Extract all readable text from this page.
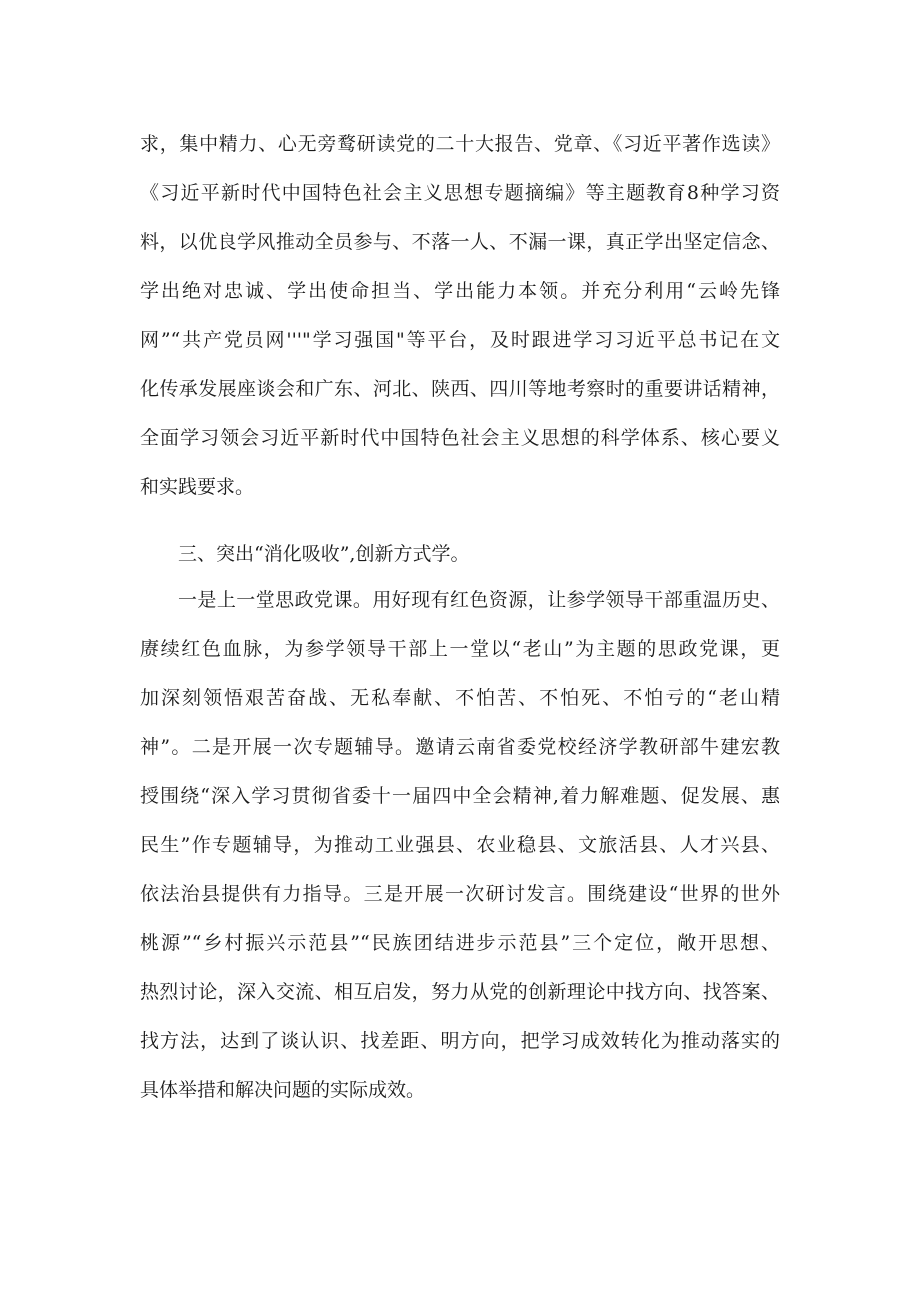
求，集中精力、心无旁鹜研读党的二十大报告、党章、《习近平著作选读》
《习近平新时代中国特色社会主义思想专题摘编》等主题教育8种学习资
料，以优良学风推动全员参与、不落一人、不漏一课，真正学出坚定信念、
学出绝对忠诚、学出使命担当、学出能力本领。并充分利用“云岭先锋
网”“共产党员网'''"学习强国"等平台，及时跟进学习习近平总书记在文
化传承发展座谈会和广东、河北、陕西、四川等地考察时的重要讲话精神，
全面学习领会习近平新时代中国特色社会主义思想的科学体系、核心要义
和实践要求。
三、突出“消化吸收”,创新方式学。
一是上一堂思政党课。用好现有红色资源，让参学领导干部重温历史、
赓续红色血脉，为参学领导干部上一堂以“老山”为主题的思政党课，更
加深刻领悟艰苦奋战、无私奉献、不怕苦、不怕死、不怕亏的“老山精
神”。二是开展一次专题辅导。邀请云南省委党校经济学教研部牛建宏教
授围绕“深入学习贯彻省委十一届四中全会精神,着力解难题、促发展、惠
民生”作专题辅导，为推动工业强县、农业稳县、文旅活县、人才兴县、
依法治县提供有力指导。三是开展一次研讨发言。围绕建设“世界的世外
桃源”“乡村振兴示范县”“民族团结进步示范县”三个定位，敞开思想、
热烈讨论，深入交流、相互启发，努力从党的创新理论中找方向、找答案、
找方法，达到了谈认识、找差距、明方向，把学习成效转化为推动落实的
具体举措和解决问题的实际成效。
